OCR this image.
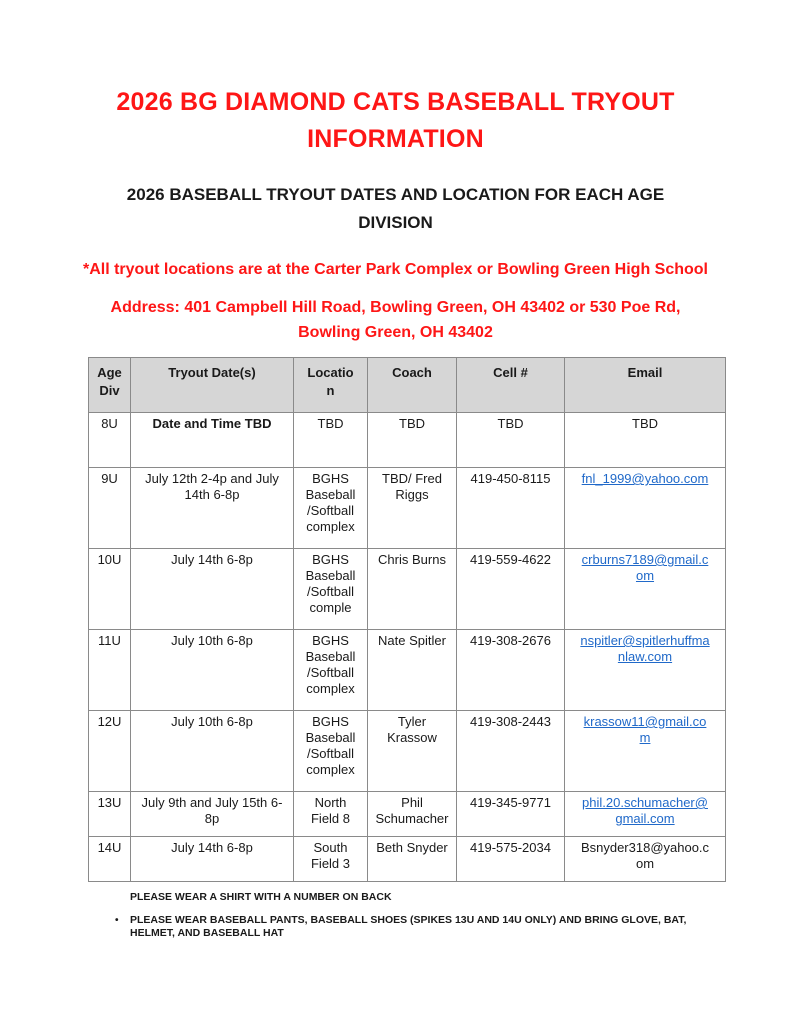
2026 BG DIAMOND CATS BASEBALL TRYOUT INFORMATION
2026 BASEBALL TRYOUT DATES AND LOCATION FOR EACH AGE DIVISION

*All tryout locations are at the Carter Park Complex or Bowling Green High School

Address: 401 Campbell Hill Road, Bowling Green, OH 43402 or 530 Poe Rd, Bowling Green, OH 43402

Age Div	Tryout Date(s)	Location	Coach	Cell #	Email
8U	Date and Time TBD	TBD	TBD	TBD	TBD
9U	July 12th 2-4p and July 14th 6-8p	BGHS Baseball /Softball complex	TBD/ Fred Riggs	419-450-8115	fnl_1999@yahoo.com
10U	July 14th 6-8p	BGHS Baseball /Softball comple	Chris Burns	419-559-4622	crburns7189@gmail.com
11U	July 10th 6-8p	BGHS Baseball /Softball complex	Nate Spitler	419-308-2676	nspitler@spitlerhuffmanlaw.com
12U	July 10th 6-8p	BGHS Baseball /Softball complex	Tyler Krassow	419-308-2443	krassow11@gmail.com
13U	July 9th and July 15th 6-8p	North Field 8	Phil Schumacher	419-345-9771	phil.20.schumacher@gmail.com
14U	July 14th 6-8p	South Field 3	Beth Snyder	419-575-2034	Bsnyder318@yahoo.com
PLEASE WEAR A SHIRT WITH A NUMBER ON BACK
• PLEASE WEAR BASEBALL PANTS, BASEBALL SHOES (SPIKES 13U AND 14U ONLY) AND BRING GLOVE, BAT, HELMET, AND BASEBALL HAT
